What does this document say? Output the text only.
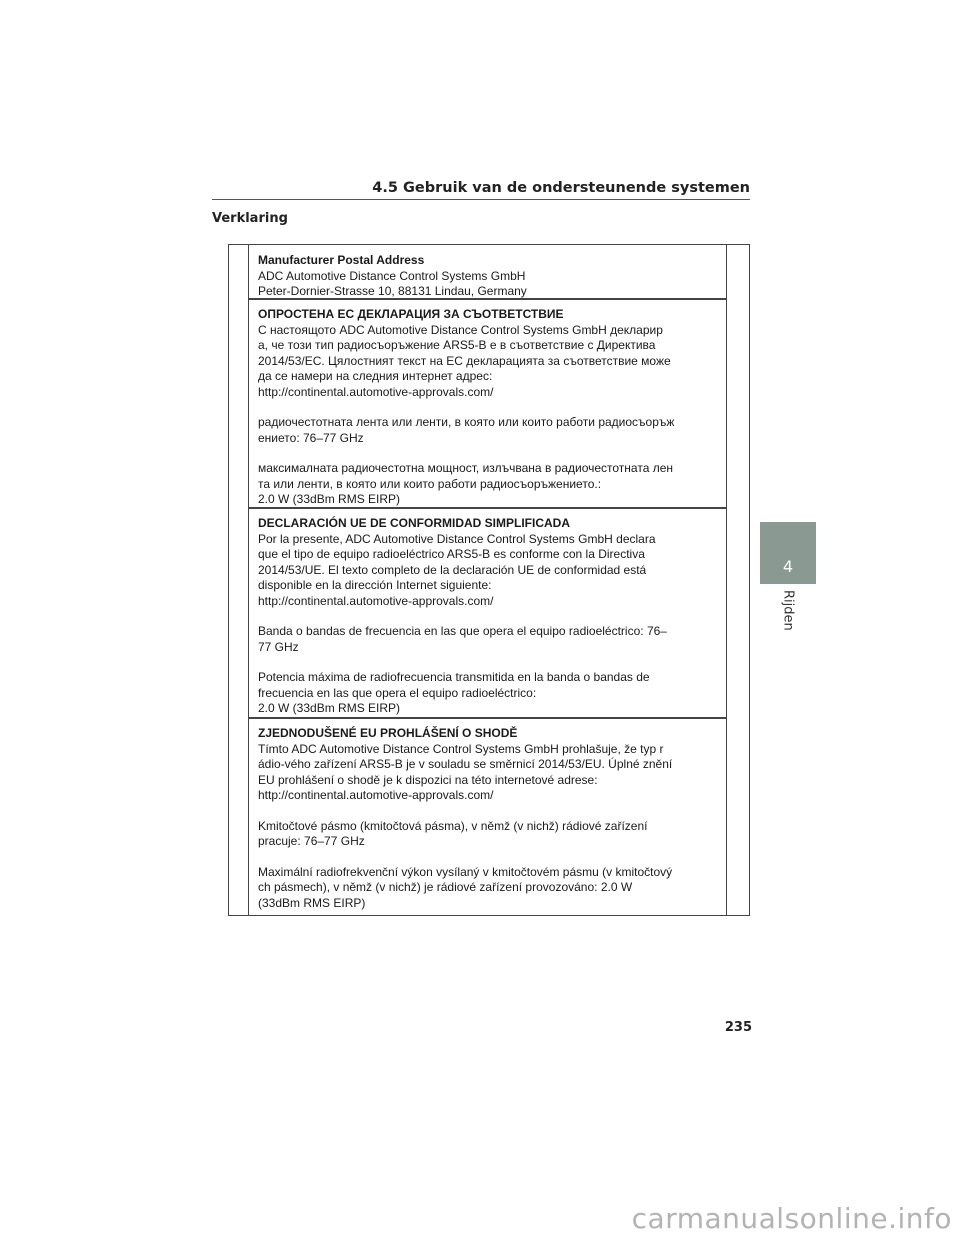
4.5 Gebruik van de ondersteunende systemen
Verklaring
Manufacturer Postal Address
ADC Automotive Distance Control Systems GmbH
Peter-Dornier-Strasse 10, 88131 Lindau, Germany
ОПРОСТЕНА ЕС ДЕКЛАРАЦИЯ ЗА СЪОТВЕТСТВИЕ
С настоящото ADC Automotive Distance Control Systems GmbH декларир
а, че този тип радиосъоръжение ARS5-B е в съответствие с Директива
2014/53/ЕС. Цялостният текст на ЕС декларацията за съответствие може
да се намери на следния интернет адрес:
http://continental.automotive-approvals.com/
радиочестотната лента или ленти, в която или които работи радиосъоръж
ението: 76–77 GHz
максималната радиочестотна мощност, излъчвана в радиочестотната лен
та или ленти, в която или които работи радиосъоръжението.:
2.0 W (33dBm RMS EIRP)
DECLARACIÓN UE DE CONFORMIDAD SIMPLIFICADA
Por la presente, ADC Automotive Distance Control Systems GmbH declara
que el tipo de equipo radioeléctrico ARS5-B es conforme con la Directiva
2014/53/UE. El texto completo de la declaración UE de conformidad está
disponible en la dirección Internet siguiente:
http://continental.automotive-approvals.com/
Banda o bandas de frecuencia en las que opera el equipo radioeléctrico: 76–
77 GHz
Potencia máxima de radiofrecuencia transmitida en la banda o bandas de
frecuencia en las que opera el equipo radioeléctrico:
2.0 W (33dBm RMS EIRP)
ZJEDNODUŠENÉ EU PROHLÁŠENÍ O SHODĚ
Tímto ADC Automotive Distance Control Systems GmbH prohlašuje, že typ r
ádio-vého zařízení ARS5-B je v souladu se směrnicí 2014/53/EU. Úplné znění
EU prohlášení o shodě je k dispozici na této internetové adrese:
http://continental.automotive-approvals.com/
Kmitočtové pásmo (kmitočtová pásma), v němž (v nichž) rádiové zařízení
pracuje: 76–77 GHz
Maximální radiofrekvenční výkon vysílaný v kmitočtovém pásmu (v kmitočtový
ch pásmech), v němž (v nichž) je rádiové zařízení provozováno: 2.0 W
(33dBm RMS EIRP)
4
Rijden
235
carmanualsonline.info
